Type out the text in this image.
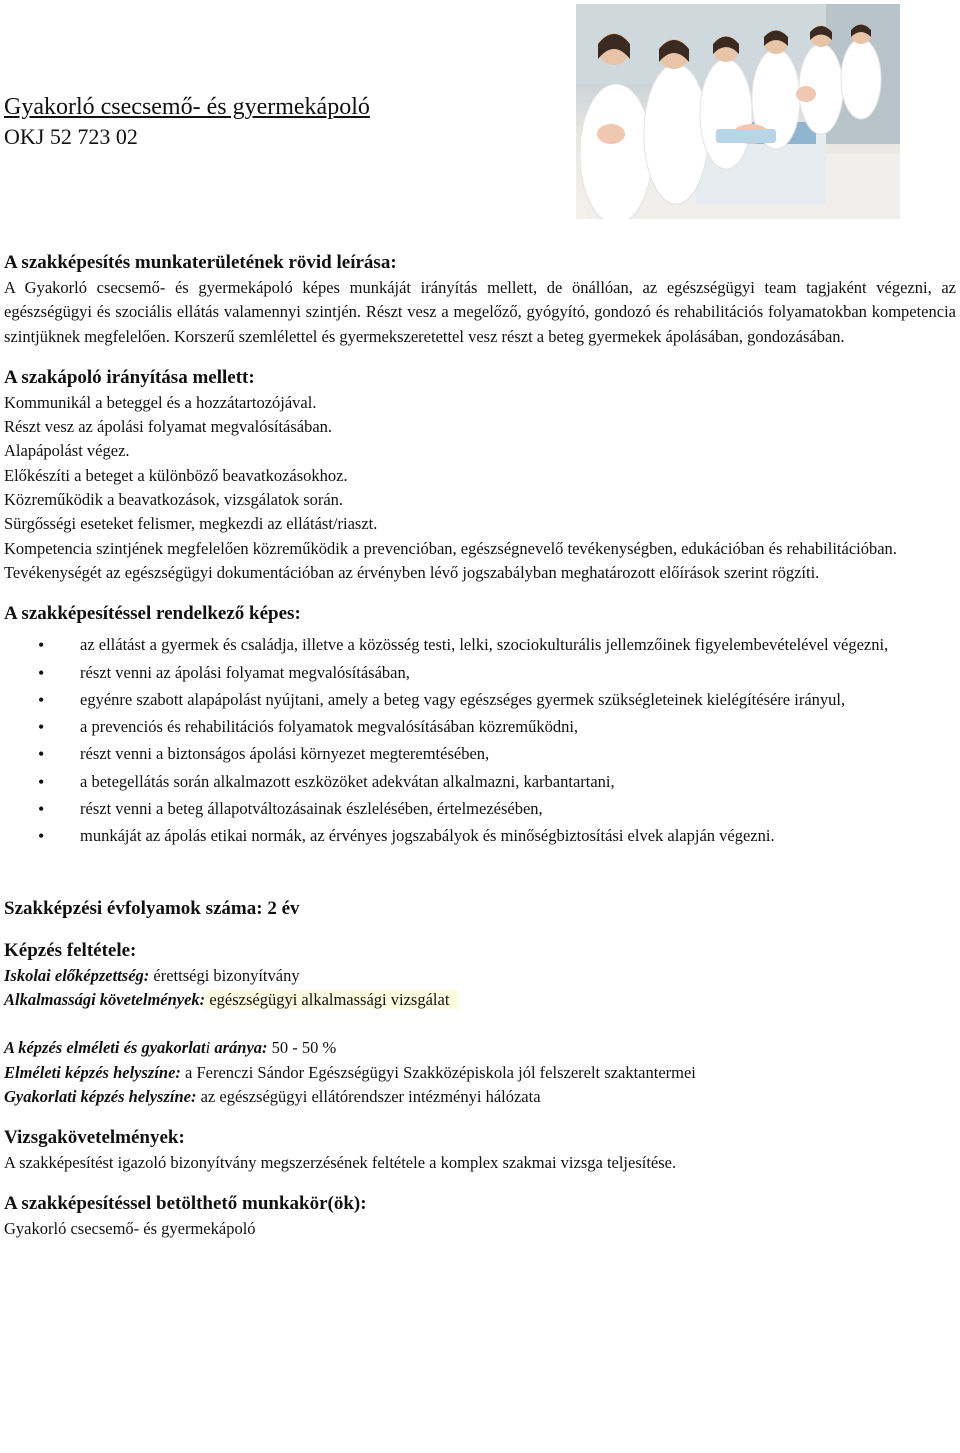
Gyakorló csecsemő- és gyermekápoló
OKJ 52 723 02
A szakképesítés munkaterületének rövid leírása:

A Gyakorló csecsemő- és gyermekápoló képes munkáját irányítás mellett, de önállóan, az egészségügyi team tagjaként végezni, az egészségügyi és szociális ellátás valamennyi szintjén. Részt vesz a megelőző, gyógyító, gondozó és rehabilitációs folyamatokban kompetencia szintjüknek megfelelően. Korszerű szemlélettel és gyermekszeretettel vesz részt a beteg gyermekek ápolásában, gondozásában.

A szakápoló irányítása mellett:

Kommunikál a beteggel és a hozzátartozójával.

Részt vesz az ápolási folyamat megvalósításában.

Alapápolást végez.

Előkészíti a beteget a különböző beavatkozásokhoz.

Közreműködik a beavatkozások, vizsgálatok során.

Sürgősségi eseteket felismer, megkezdi az ellátást/riaszt.

Kompetencia szintjének megfelelően közreműködik a prevencióban, egészségnevelő tevékenységben, edukációban és rehabilitációban.

Tevékenységét az egészségügyi dokumentációban az érvényben lévő jogszabályban meghatározott előírások szerint rögzíti.

A szakképesítéssel rendelkező képes:
• az ellátást a gyermek és családja, illetve a közösség testi, lelki, szociokulturális jellemzőinek figyelembevételével végezni,
• részt venni az ápolási folyamat megvalósításában,
• egyénre szabott alapápolást nyújtani, amely a beteg vagy egészséges gyermek szükségleteinek kielégítésére irányul,
• a prevenciós és rehabilitációs folyamatok megvalósításában közreműködni,
• részt venni a biztonságos ápolási környezet megteremtésében,
• a betegellátás során alkalmazott eszközöket adekvátan alkalmazni, karbantartani,
• részt venni a beteg állapotváltozásainak észlelésében, értelmezésében,
• munkáját az ápolás etikai normák, az érvényes jogszabályok és minőségbiztosítási elvek alapján végezni.
Szakképzési évfolyamok száma: 2 év
Képzés feltétele:

Iskolai előképzettség: érettségi bizonyítvány

Alkalmassági követelmények: egészségügyi alkalmassági vizsgálat

A képzés elméleti és gyakorlati aránya: 50 - 50 %

Elméleti képzés helyszíne: a Ferenczi Sándor Egészségügyi Szakközépiskola jól felszerelt szaktantermei

Gyakorlati képzés helyszíne: az egészségügyi ellátórendszer intézményi hálózata

Vizsgakövetelmények:

A szakképesítést igazoló bizonyítvány megszerzésének feltétele a komplex szakmai vizsga teljesítése.

A szakképesítéssel betölthető munkakör(ök):

Gyakorló csecsemő- és gyermekápoló
